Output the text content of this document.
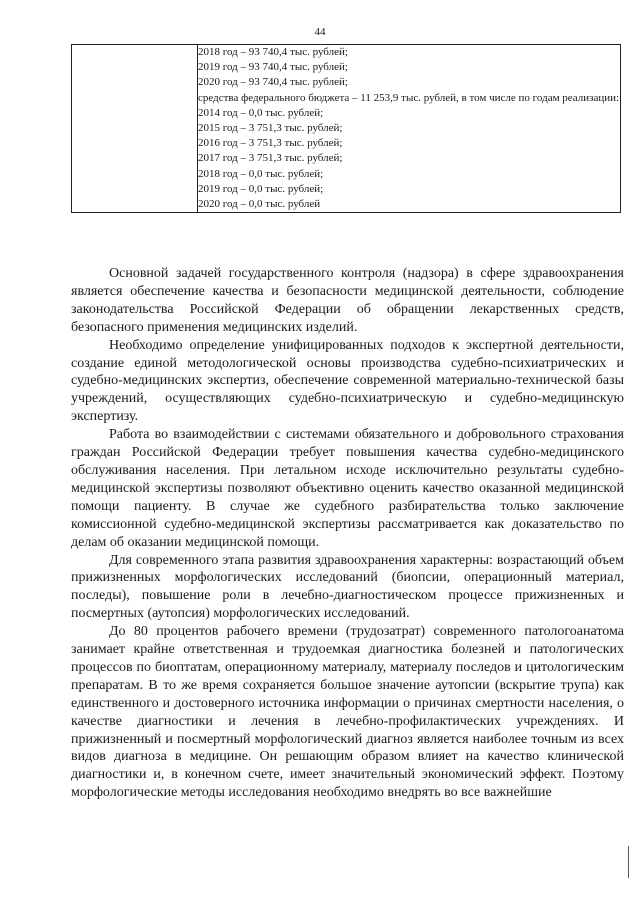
44

2018 год – 93 740,4 тыс. рублей;
2019 год – 93 740,4 тыс. рублей;
2020 год – 93 740,4 тыс. рублей;
средства федерального бюджета – 11 253,9 тыс. рублей, в том числе по годам реализации:
2014 год – 0,0 тыс. рублей;
2015 год – 3 751,3 тыс. рублей;
2016 год – 3 751,3 тыс. рублей;
2017 год – 3 751,3 тыс. рублей;
2018 год – 0,0 тыс. рублей;
2019 год – 0,0 тыс. рублей;
2020 год – 0,0 тыс. рублей

Основной задачей государственного контроля (надзора) в сфере здравоохранения является обеспечение качества и безопасности медицинской деятельности, соблюдение законодательства Российской Федерации об обращении лекарственных средств, безопасного применения медицинских изделий.

Необходимо определение унифицированных подходов к экспертной деятельности, создание единой методологической основы производства судебно-психиатрических и судебно-медицинских экспертиз, обеспечение современной материально-технической базы учреждений, осуществляющих судебно-психиатрическую и судебно-медицинскую экспертизу.

Работа во взаимодействии с системами обязательного и добровольного страхования граждан Российской Федерации требует повышения качества судебно-медицинского обслуживания населения. При летальном исходе исключительно результаты судебно-медицинской экспертизы позволяют объективно оценить качество оказанной медицинской помощи пациенту. В случае же судебного разбирательства только заключение комиссионной судебно-медицинской экспертизы рассматривается как доказательство по делам об оказании медицинской помощи.

Для современного этапа развития здравоохранения характерны: возрастающий объем прижизненных морфологических исследований (биопсии, операционный материал, последы), повышение роли в лечебно-диагностическом процессе прижизненных и посмертных (аутопсия) морфологических исследований.

До 80 процентов рабочего времени (трудозатрат) современного патологоанатома занимает крайне ответственная и трудоемкая диагностика болезней и патологических процессов по биоптатам, операционному материалу, материалу последов и цитологическим препаратам. В то же время сохраняется большое значение аутопсии (вскрытие трупа) как единственного и достоверного источника информации о причинах смертности населения, о качестве диагностики и лечения в лечебно-профилактических учреждениях. И прижизненный и посмертный морфологический диагноз является наиболее точным из всех видов диагноза в медицине. Он решающим образом влияет на качество клинической диагностики и, в конечном счете, имеет значительный экономический эффект. Поэтому морфологические методы исследования необходимо внедрять во все важнейшие
